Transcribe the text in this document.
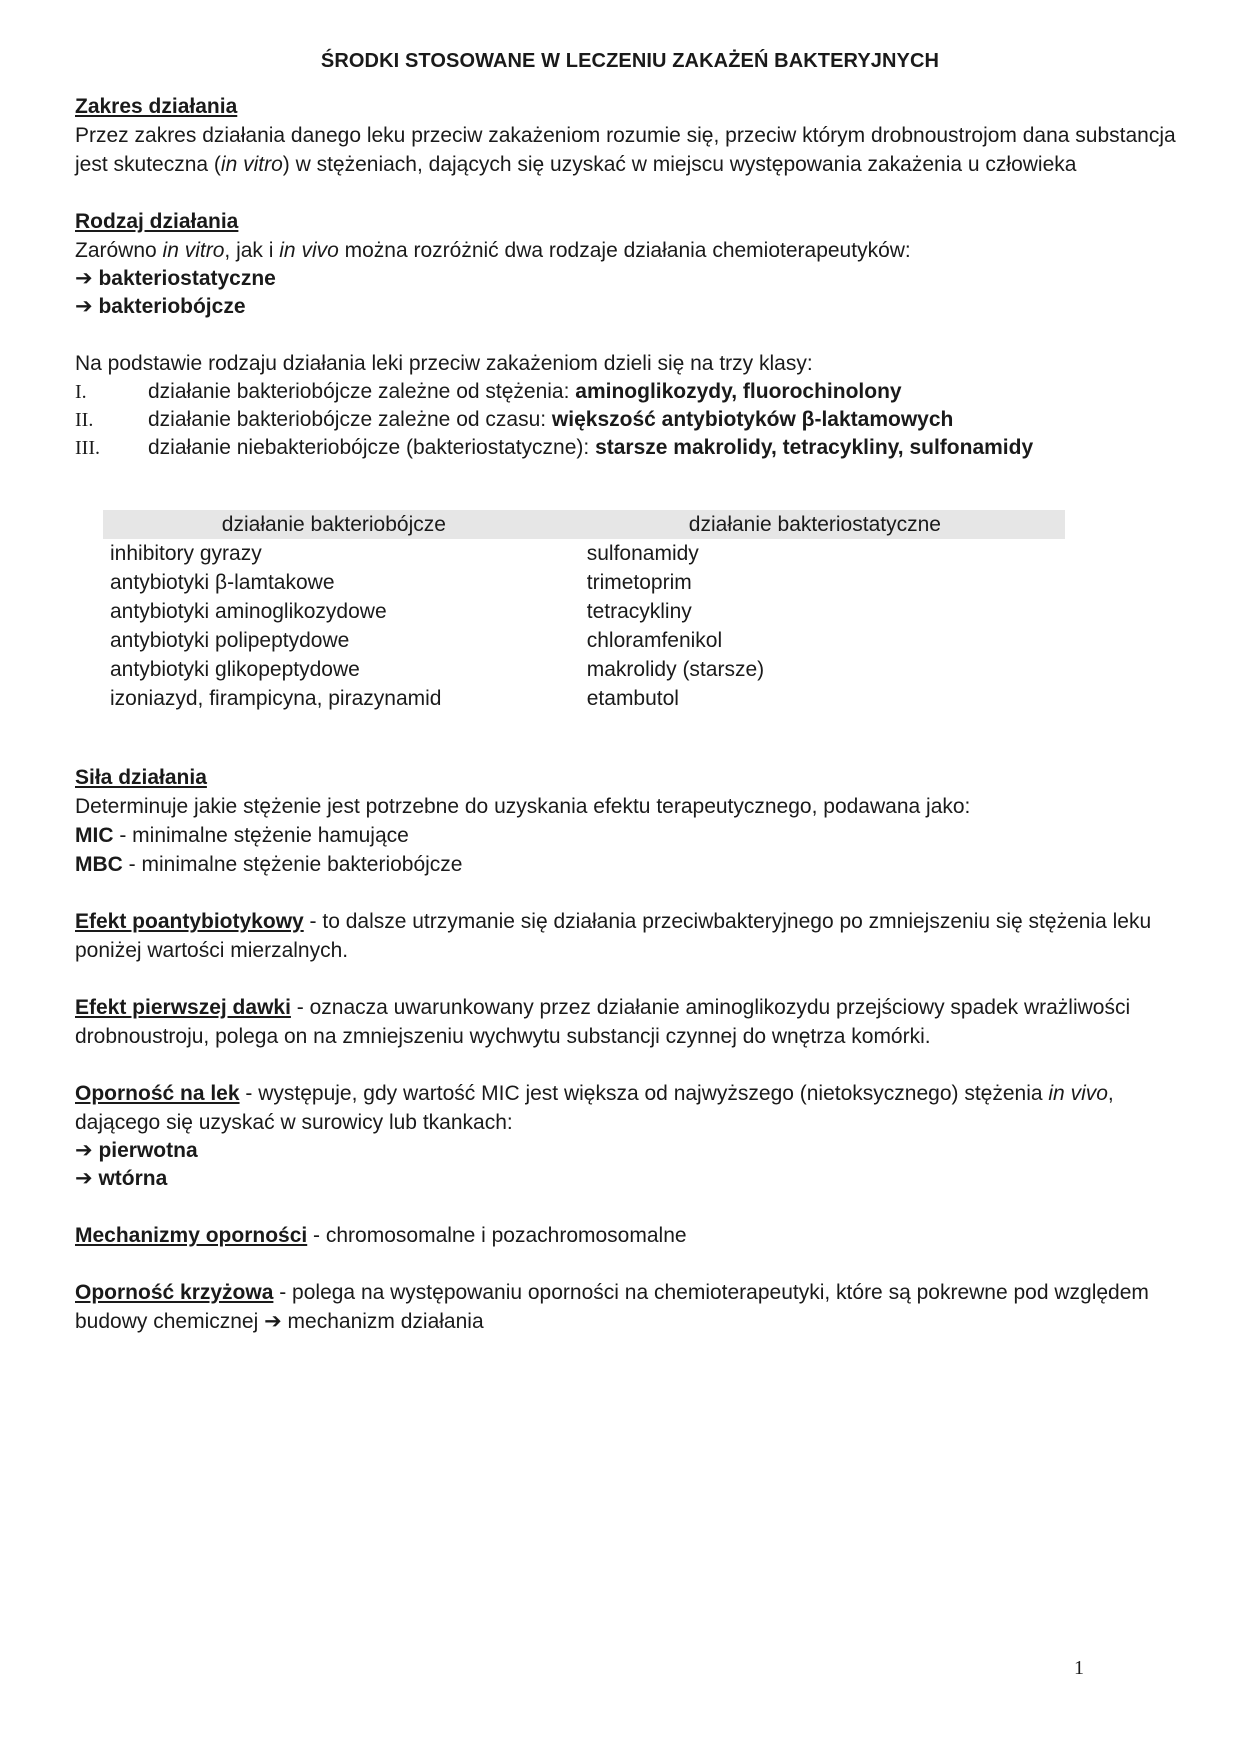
ŚRODKI STOSOWANE W LECZENIU ZAKAŻEŃ BAKTERYJNYCH

Zakres działania

Przez zakres działania danego leku przeciw zakażeniom rozumie się, przeciw którym drobnoustrojom dana substancja jest skuteczna (in vitro) w stężeniach, dających się uzyskać w miejscu występowania zakażenia u człowieka

Rodzaj działania

Zarówno in vitro, jak i in vivo można rozróżnić dwa rodzaje działania chemioterapeutyków:

➔ bakteriostatyczne

➔ bakteriobójcze

Na podstawie rodzaju działania leki przeciw zakażeniom dzieli się na trzy klasy:

I.	działanie bakteriobójcze zależne od stężenia: aminoglikozydy, fluorochinolony
II.	działanie bakteriobójcze zależne od czasu: większość antybiotyków β-laktamowych
III.	działanie niebakteriobójcze (bakteriostatyczne): starsze makrolidy, tetracykliny, sulfonamidy
działanie bakteriobójcze	działanie bakteriostatyczne
inhibitory gyrazy	sulfonamidy
antybiotyki β-lamtakowe	trimetoprim
antybiotyki aminoglikozydowe	tetracykliny
antybiotyki polipeptydowe	chloramfenikol
antybiotyki glikopeptydowe	makrolidy (starsze)
izoniazyd, firampicyna, pirazynamid	etambutol

Siła działania

Determinuje jakie stężenie jest potrzebne do uzyskania efektu terapeutycznego, podawana jako:

MIC - minimalne stężenie hamujące

MBC - minimalne stężenie bakteriobójcze

Efekt poantybiotykowy - to dalsze utrzymanie się działania przeciwbakteryjnego po zmniejszeniu się stężenia leku poniżej wartości mierzalnych.

Efekt pierwszej dawki - oznacza uwarunkowany przez działanie aminoglikozydu przejściowy spadek wrażliwości drobnoustroju, polega on na zmniejszeniu wychwytu substancji czynnej do wnętrza komórki.

Oporność na lek - występuje, gdy wartość MIC jest większa od najwyższego (nietoksycznego) stężenia in vivo, dającego się uzyskać w surowicy lub tkankach:

➔ pierwotna

➔ wtórna

Mechanizmy oporności - chromosomalne i pozachromosomalne

Oporność krzyżowa - polega na występowaniu oporności na chemioterapeutyki, które są pokrewne pod względem budowy chemicznej ➔ mechanizm działania

1
